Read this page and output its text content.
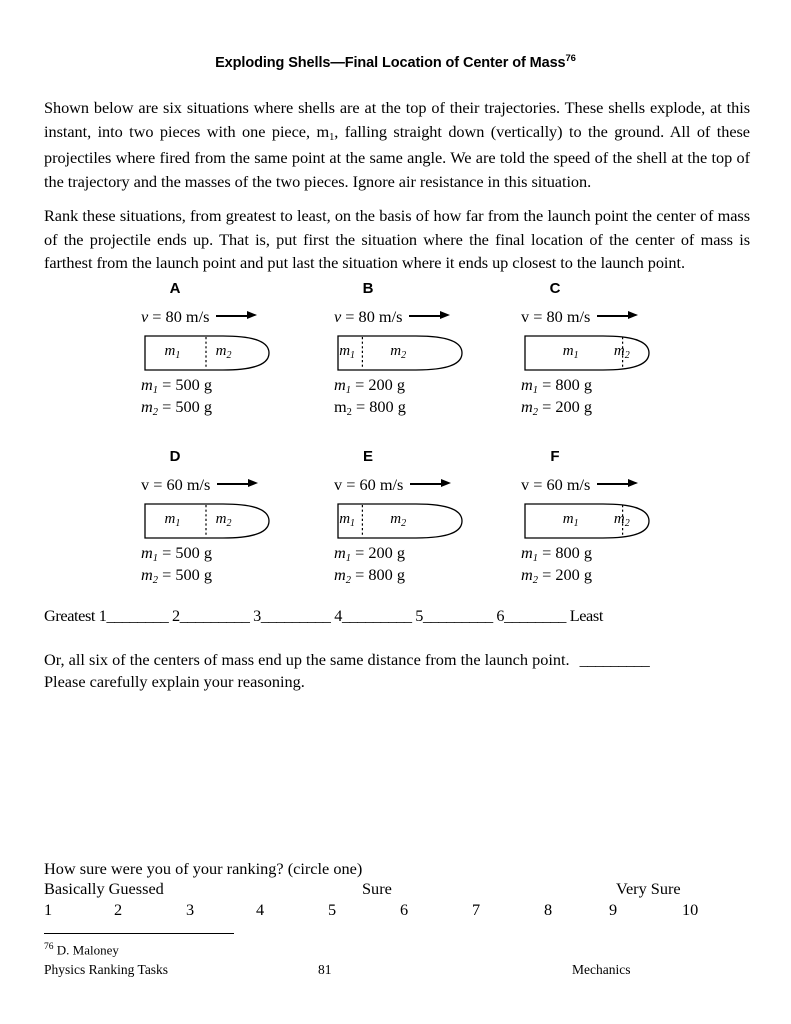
Exploding Shells—Final Location of Center of Mass$^{76}$
Shown below are six situations where shells are at the top of their trajectories. These shells explode, at this instant, into two pieces with one piece, $m_1$, falling straight down (vertically) to the ground. All of these projectiles where fired from the same point at the same angle. We are told the speed of the shell at the top of the trajectory and the masses of the two pieces. Ignore air resistance in this situation.
Rank these situations, from greatest to least, on the basis of how far from the launch point the center of mass of the projectile ends up. That is, put first the situation where the final location of the center of mass is farthest from the launch point and put last the situation where it ends up closest to the launch point.
A
v = 80 m/s
$m_1$ $m_2$
$m_1 = 500$ g
$m_2 = 500$ g
B
v = 80 m/s
$m_1$ $m_2$
$m_1 = 200$ g
$m_2 = 800$ g
C
v = 80 m/s
$m_1$ $m_2$
$m_1 = 800$ g
$m_2 = 200$ g
D
v = 60 m/s
$m_1$ $m_2$
$m_1 = 500$ g
$m_2 = 500$ g
E
v = 60 m/s
$m_1$ $m_2$
$m_1 = 200$ g
$m_2 = 800$ g
F
v = 60 m/s
$m_1$ $m_2$
$m_1 = 800$ g
$m_2 = 200$ g
Greatest 1________ 2_________ 3_________ 4_________ 5_________ 6________ Least
Or, all six of the centers of mass end up the same distance from the launch point. _________
Please carefully explain your reasoning.
How sure were you of your ranking? (circle one)
Basically Guessed	Sure	Very Sure
1	2	3	4	5	6	7	8	9	10
$^{76}$ D. Maloney
Physics Ranking Tasks	81	Mechanics
